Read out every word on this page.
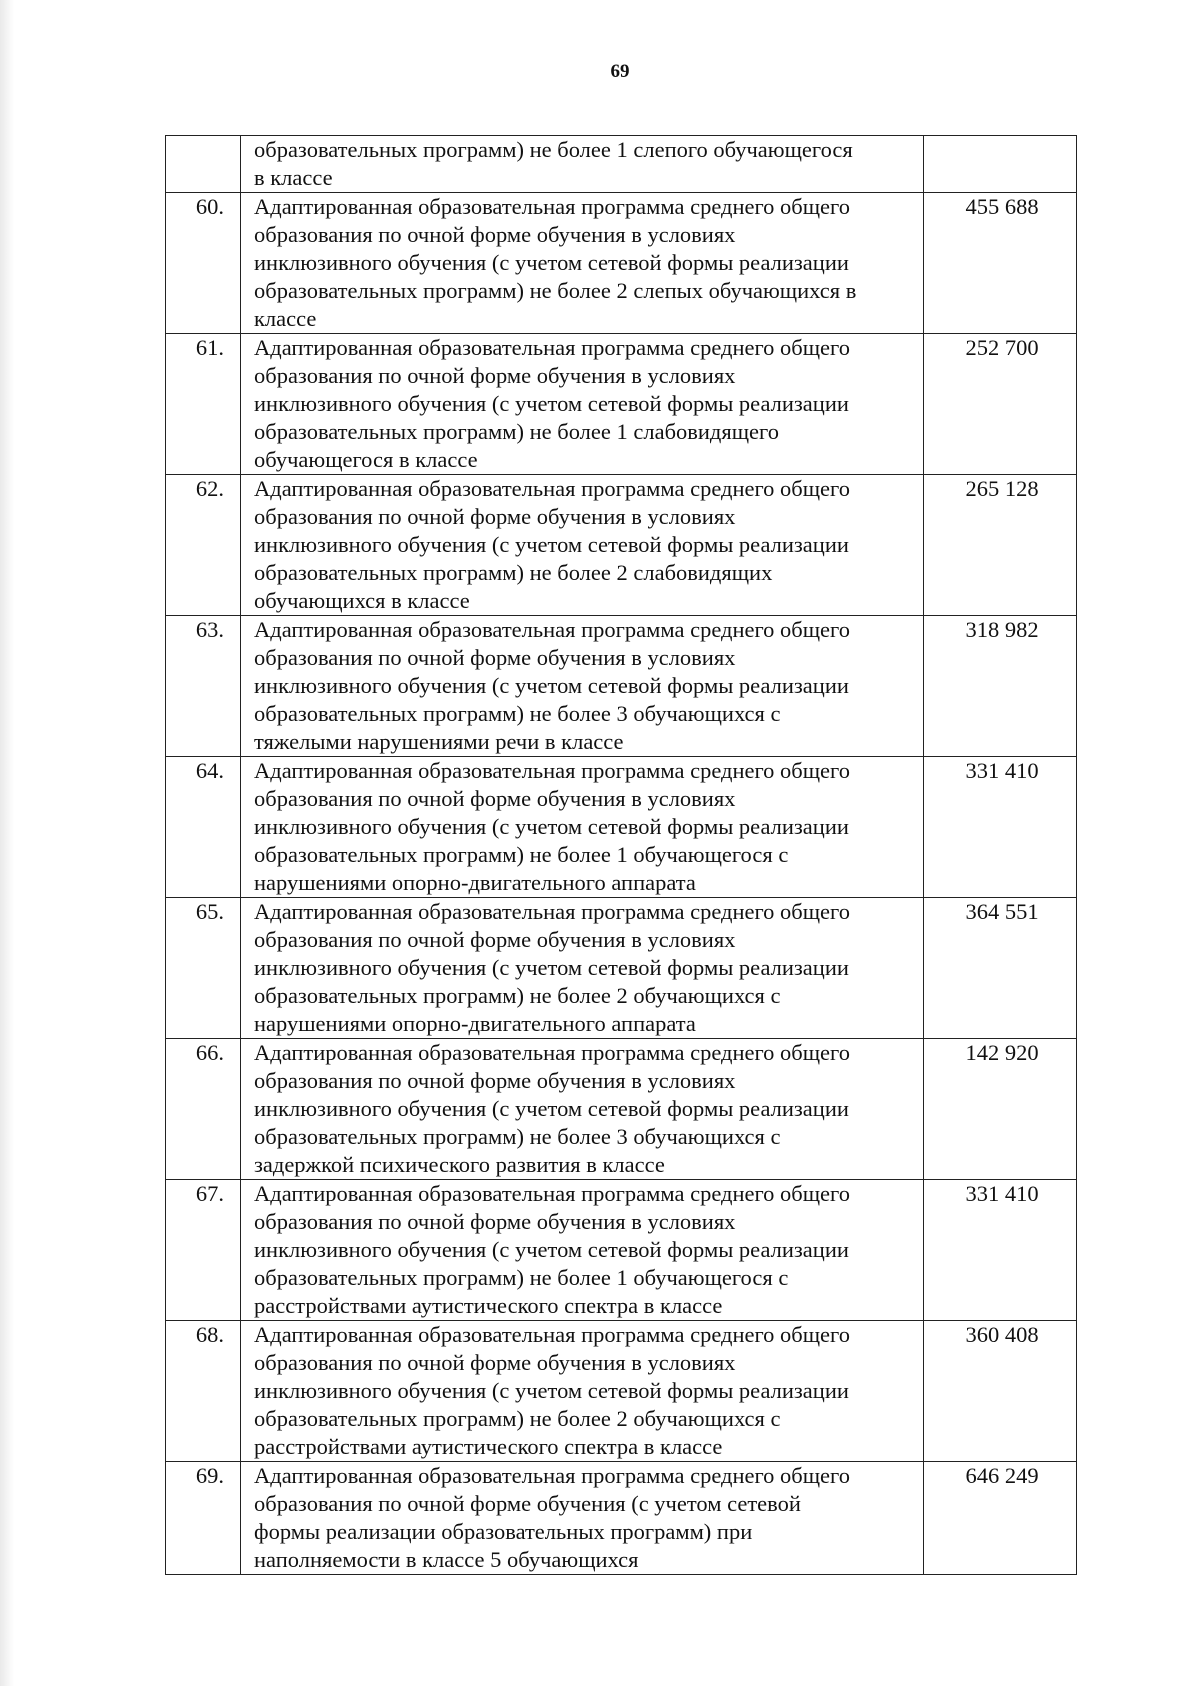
69

	образовательных программ) не более 1 слепого обучающегося
в классе	

60.	Адаптированная образовательная программа среднего общего
образования по очной форме обучения в условиях
инклюзивного обучения (с учетом сетевой формы реализации
образовательных программ) не более 2 слепых обучающихся в
классе	455 688
61.	Адаптированная образовательная программа среднего общего
образования по очной форме обучения в условиях
инклюзивного обучения (с учетом сетевой формы реализации
образовательных программ) не более 1 слабовидящего
обучающегося в классе	252 700
62.	Адаптированная образовательная программа среднего общего
образования по очной форме обучения в условиях
инклюзивного обучения (с учетом сетевой формы реализации
образовательных программ) не более 2 слабовидящих
обучающихся в классе	265 128
63.	Адаптированная образовательная программа среднего общего
образования по очной форме обучения в условиях
инклюзивного обучения (с учетом сетевой формы реализации
образовательных программ) не более 3 обучающихся с
тяжелыми нарушениями речи в классе	318 982
64.	Адаптированная образовательная программа среднего общего
образования по очной форме обучения в условиях
инклюзивного обучения (с учетом сетевой формы реализации
образовательных программ) не более 1 обучающегося с
нарушениями опорно-двигательного аппарата	331 410
65.	Адаптированная образовательная программа среднего общего
образования по очной форме обучения в условиях
инклюзивного обучения (с учетом сетевой формы реализации
образовательных программ) не более 2 обучающихся с
нарушениями опорно-двигательного аппарата	364 551
66.	Адаптированная образовательная программа среднего общего
образования по очной форме обучения в условиях
инклюзивного обучения (с учетом сетевой формы реализации
образовательных программ) не более 3 обучающихся с
задержкой психического развития в классе	142 920
67.	Адаптированная образовательная программа среднего общего
образования по очной форме обучения в условиях
инклюзивного обучения (с учетом сетевой формы реализации
образовательных программ) не более 1 обучающегося с
расстройствами аутистического спектра в классе	331 410
68.	Адаптированная образовательная программа среднего общего
образования по очной форме обучения в условиях
инклюзивного обучения (с учетом сетевой формы реализации
образовательных программ) не более 2 обучающихся с
расстройствами аутистического спектра в классе	360 408
69.	Адаптированная образовательная программа среднего общего
образования по очной форме обучения (с учетом сетевой
формы реализации образовательных программ) при
наполняемости в классе 5 обучающихся	646 249
